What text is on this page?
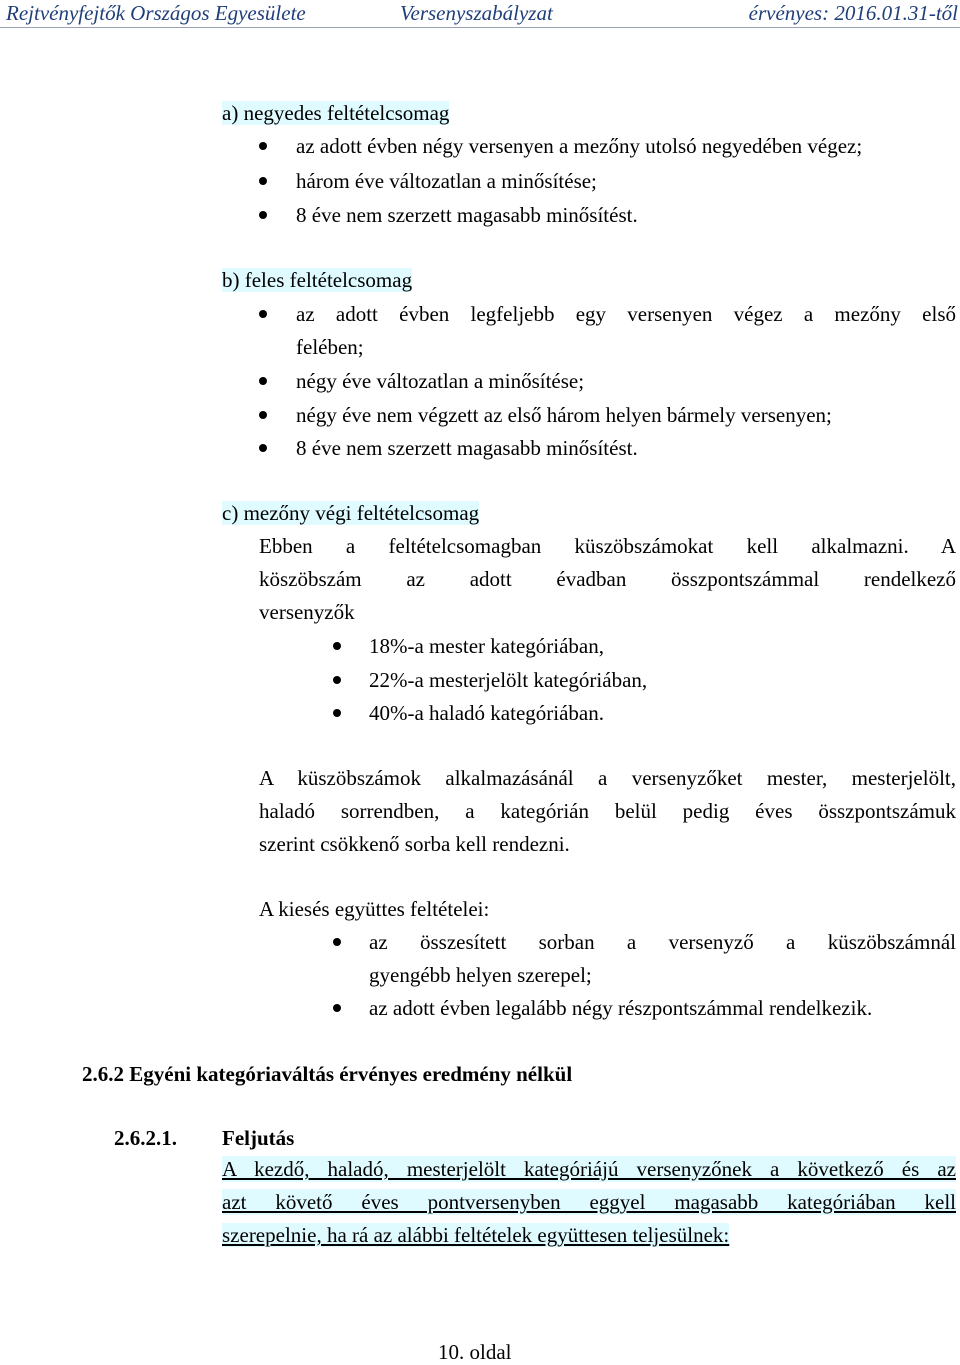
Rejtvényfejtők Országos Egyesülete	Versenyszabályzat	érvényes: 2016.01.31-től
a) negyedes feltételcsomag
az adott évben négy versenyen a mezőny utolsó negyedében végez;
három éve változatlan a minősítése;
8 éve nem szerzett magasabb minősítést.
b) feles feltételcsomag
az adott évben legfeljebb egy versenyen végez a mezőny első
felében;
négy éve változatlan a minősítése;
négy éve nem végzett az első három helyen bármely versenyen;
8 éve nem szerzett magasabb minősítést.
c) mezőny végi feltételcsomag
Ebben a feltételcsomagban küszöbszámokat kell alkalmazni. A
köszöbszám az adott évadban összpontszámmal rendelkező
versenyzők
18%-a mester kategóriában,
22%-a mesterjelölt kategóriában,
40%-a haladó kategóriában.
A küszöbszámok alkalmazásánál a versenyzőket mester, mesterjelölt,
haladó sorrendben, a kategórián belül pedig éves összpontszámuk
szerint csökkenő sorba kell rendezni.
A kiesés együttes feltételei:
az összesített sorban a versenyző a küszöbszámnál
gyengébb helyen szerepel;
az adott évben legalább négy részpontszámmal rendelkezik.
2.6.2 Egyéni kategóriaváltás érvényes eredmény nélkül
2.6.2.1. Feljutás
A kezdő, haladó, mesterjelölt kategóriájú versenyzőnek a következő és az
azt követő éves pontversenyben eggyel magasabb kategóriában kell
szerepelnie, ha rá az alábbi feltételek együttesen teljesülnek:
10. oldal
